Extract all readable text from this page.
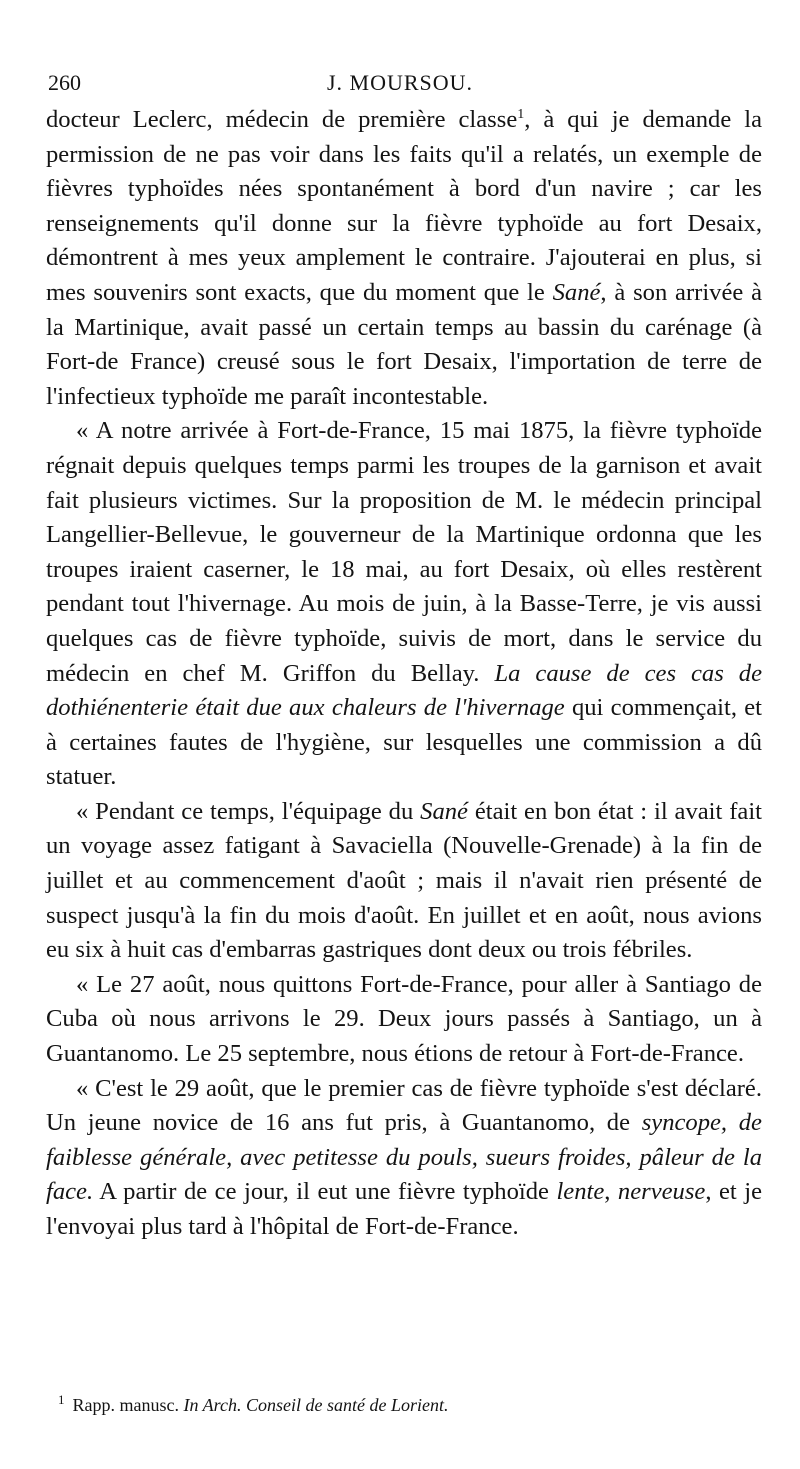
260	J. MOURSOU.

docteur Leclerc, médecin de première classe$^1$, à qui je demande la permission de ne pas voir dans les faits qu'il a relatés, un exemple de fièvres typhoïdes nées spontanément à bord d'un navire ; car les renseignements qu'il donne sur la fièvre typhoïde au fort Desaix, démontrent à mes yeux amplement le contraire. J'ajouterai en plus, si mes souvenirs sont exacts, que du moment que le Sané, à son arrivée à la Martinique, avait passé un certain temps au bassin du carénage (à Fort-de France) creusé sous le fort Desaix, l'importation de terre de l'infectieux typhoïde me paraît incontestable.

« A notre arrivée à Fort-de-France, 15 mai 1875, la fièvre typhoïde régnait depuis quelques temps parmi les troupes de la garnison et avait fait plusieurs victimes. Sur la proposition de M. le médecin principal Langellier-Bellevue, le gouverneur de la Martinique ordonna que les troupes iraient caserner, le 18 mai, au fort Desaix, où elles restèrent pendant tout l'hivernage. Au mois de juin, à la Basse-Terre, je vis aussi quelques cas de fièvre typhoïde, suivis de mort, dans le service du médecin en chef M. Griffon du Bellay. La cause de ces cas de dothiénenterie était due aux chaleurs de l'hivernage qui commençait, et à certaines fautes de l'hygiène, sur lesquelles une commission a dû statuer.

« Pendant ce temps, l'équipage du Sané était en bon état : il avait fait un voyage assez fatigant à Savaciella (Nouvelle-Grenade) à la fin de juillet et au commencement d'août ; mais il n'avait rien présenté de suspect jusqu'à la fin du mois d'août. En juillet et en août, nous avions eu six à huit cas d'embarras gastriques dont deux ou trois fébriles.

« Le 27 août, nous quittons Fort-de-France, pour aller à Santiago de Cuba où nous arrivons le 29. Deux jours passés à Santiago, un à Guantanomo. Le 25 septembre, nous étions de retour à Fort-de-France.

« C'est le 29 août, que le premier cas de fièvre typhoïde s'est déclaré. Un jeune novice de 16 ans fut pris, à Guantanomo, de syncope, de faiblesse générale, avec petitesse du pouls, sueurs froides, pâleur de la face. A partir de ce jour, il eut une fièvre typhoïde lente, nerveuse, et je l'envoyai plus tard à l'hôpital de Fort-de-France.

$^1$ Rapp. manusc. In Arch. Conseil de santé de Lorient.
